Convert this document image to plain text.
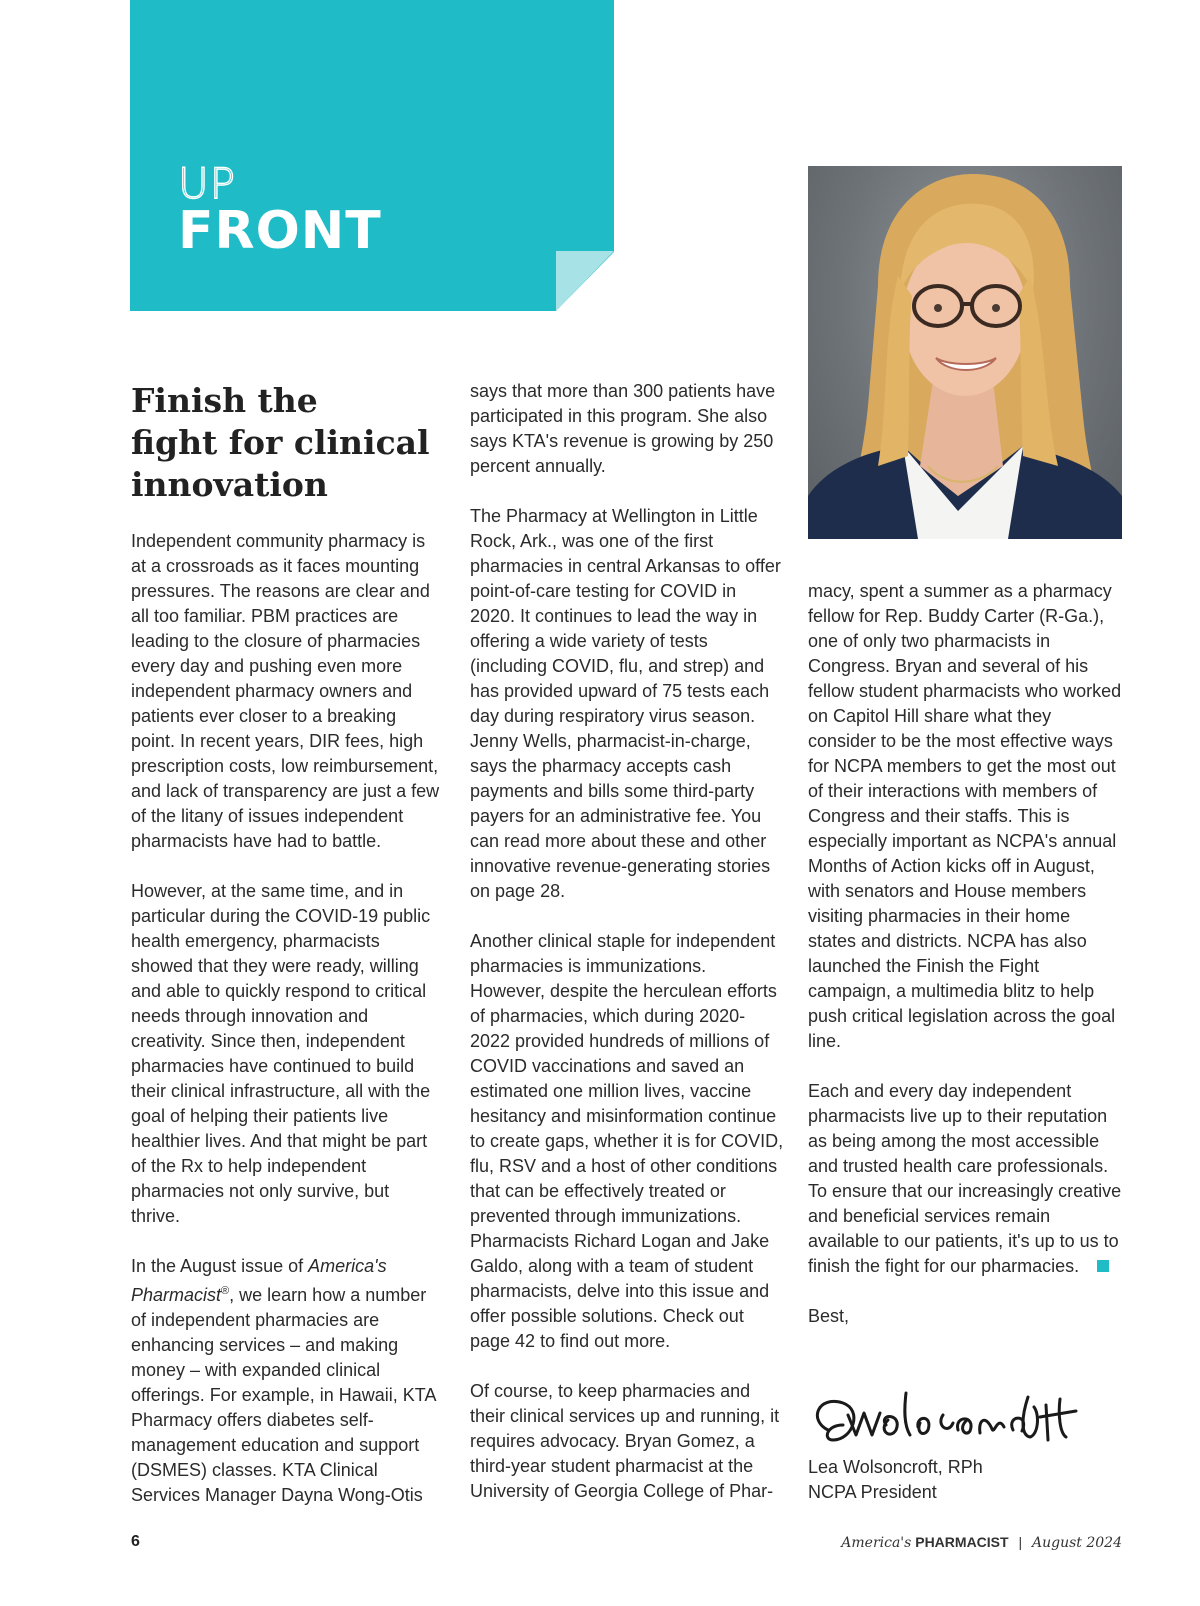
UP
FRONT
Finish the
fight for clinical
innovation

Independent community pharmacy is at a crossroads as it faces mounting pressures. The reasons are clear and all too familiar. PBM practices are leading to the closure of pharmacies every day and pushing even more independent pharmacy owners and patients ever closer to a breaking point. In recent years, DIR fees, high prescription costs, low reimbursement, and lack of transparency are just a few of the litany of issues independent pharmacists have had to battle.

However, at the same time, and in particular during the COVID-19 public health emergency, pharmacists showed that they were ready, willing and able to quickly respond to critical needs through innovation and creativity. Since then, independent pharmacies have continued to build their clinical infrastructure, all with the goal of helping their patients live healthier lives. And that might be part of the Rx to help independent pharmacies not only survive, but thrive.

In the August issue of America's Pharmacist®, we learn how a number of independent pharmacies are enhancing services – and making money – with expanded clinical offerings. For example, in Hawaii, KTA Pharmacy offers diabetes self-management education and support (DSMES) classes. KTA Clinical Services Manager Dayna Wong-Otis

says that more than 300 patients have participated in this program. She also says KTA's revenue is growing by 250 percent annually.

The Pharmacy at Wellington in Little Rock, Ark., was one of the first pharmacies in central Arkansas to offer point-of-care testing for COVID in 2020. It continues to lead the way in offering a wide variety of tests (including COVID, flu, and strep) and has provided upward of 75 tests each day during respiratory virus season. Jenny Wells, pharmacist-in-charge, says the pharmacy accepts cash payments and bills some third-party payers for an administrative fee. You can read more about these and other innovative revenue-generating stories on page 28.

Another clinical staple for independent pharmacies is immunizations. However, despite the herculean efforts of pharmacies, which during 2020-2022 provided hundreds of millions of COVID vaccinations and saved an estimated one million lives, vaccine hesitancy and misinformation continue to create gaps, whether it is for COVID, flu, RSV and a host of other conditions that can be effectively treated or prevented through immunizations. Pharmacists Richard Logan and Jake Galdo, along with a team of student pharmacists, delve into this issue and offer possible solutions. Check out page 42 to find out more.

Of course, to keep pharmacies and their clinical services up and running, it requires advocacy. Bryan Gomez, a third-year student pharmacist at the University of Georgia College of Phar-

macy, spent a summer as a pharmacy fellow for Rep. Buddy Carter (R-Ga.), one of only two pharmacists in Congress. Bryan and several of his fellow student pharmacists who worked on Capitol Hill share what they consider to be the most effective ways for NCPA members to get the most out of their interactions with members of Congress and their staffs. This is especially important as NCPA's annual Months of Action kicks off in August, with senators and House members visiting pharmacies in their home states and districts. NCPA has also launched the Finish the Fight campaign, a multimedia blitz to help push critical legislation across the goal line.

Each and every day independent pharmacists live up to their reputation as being among the most accessible and trusted health care professionals. To ensure that our increasingly creative and beneficial services remain available to our patients, it's up to us to finish the fight for our pharmacies.

Best,

Lea Wolsoncroft, RPh
NCPA President
6	America's PHARMACIST | August 2024
